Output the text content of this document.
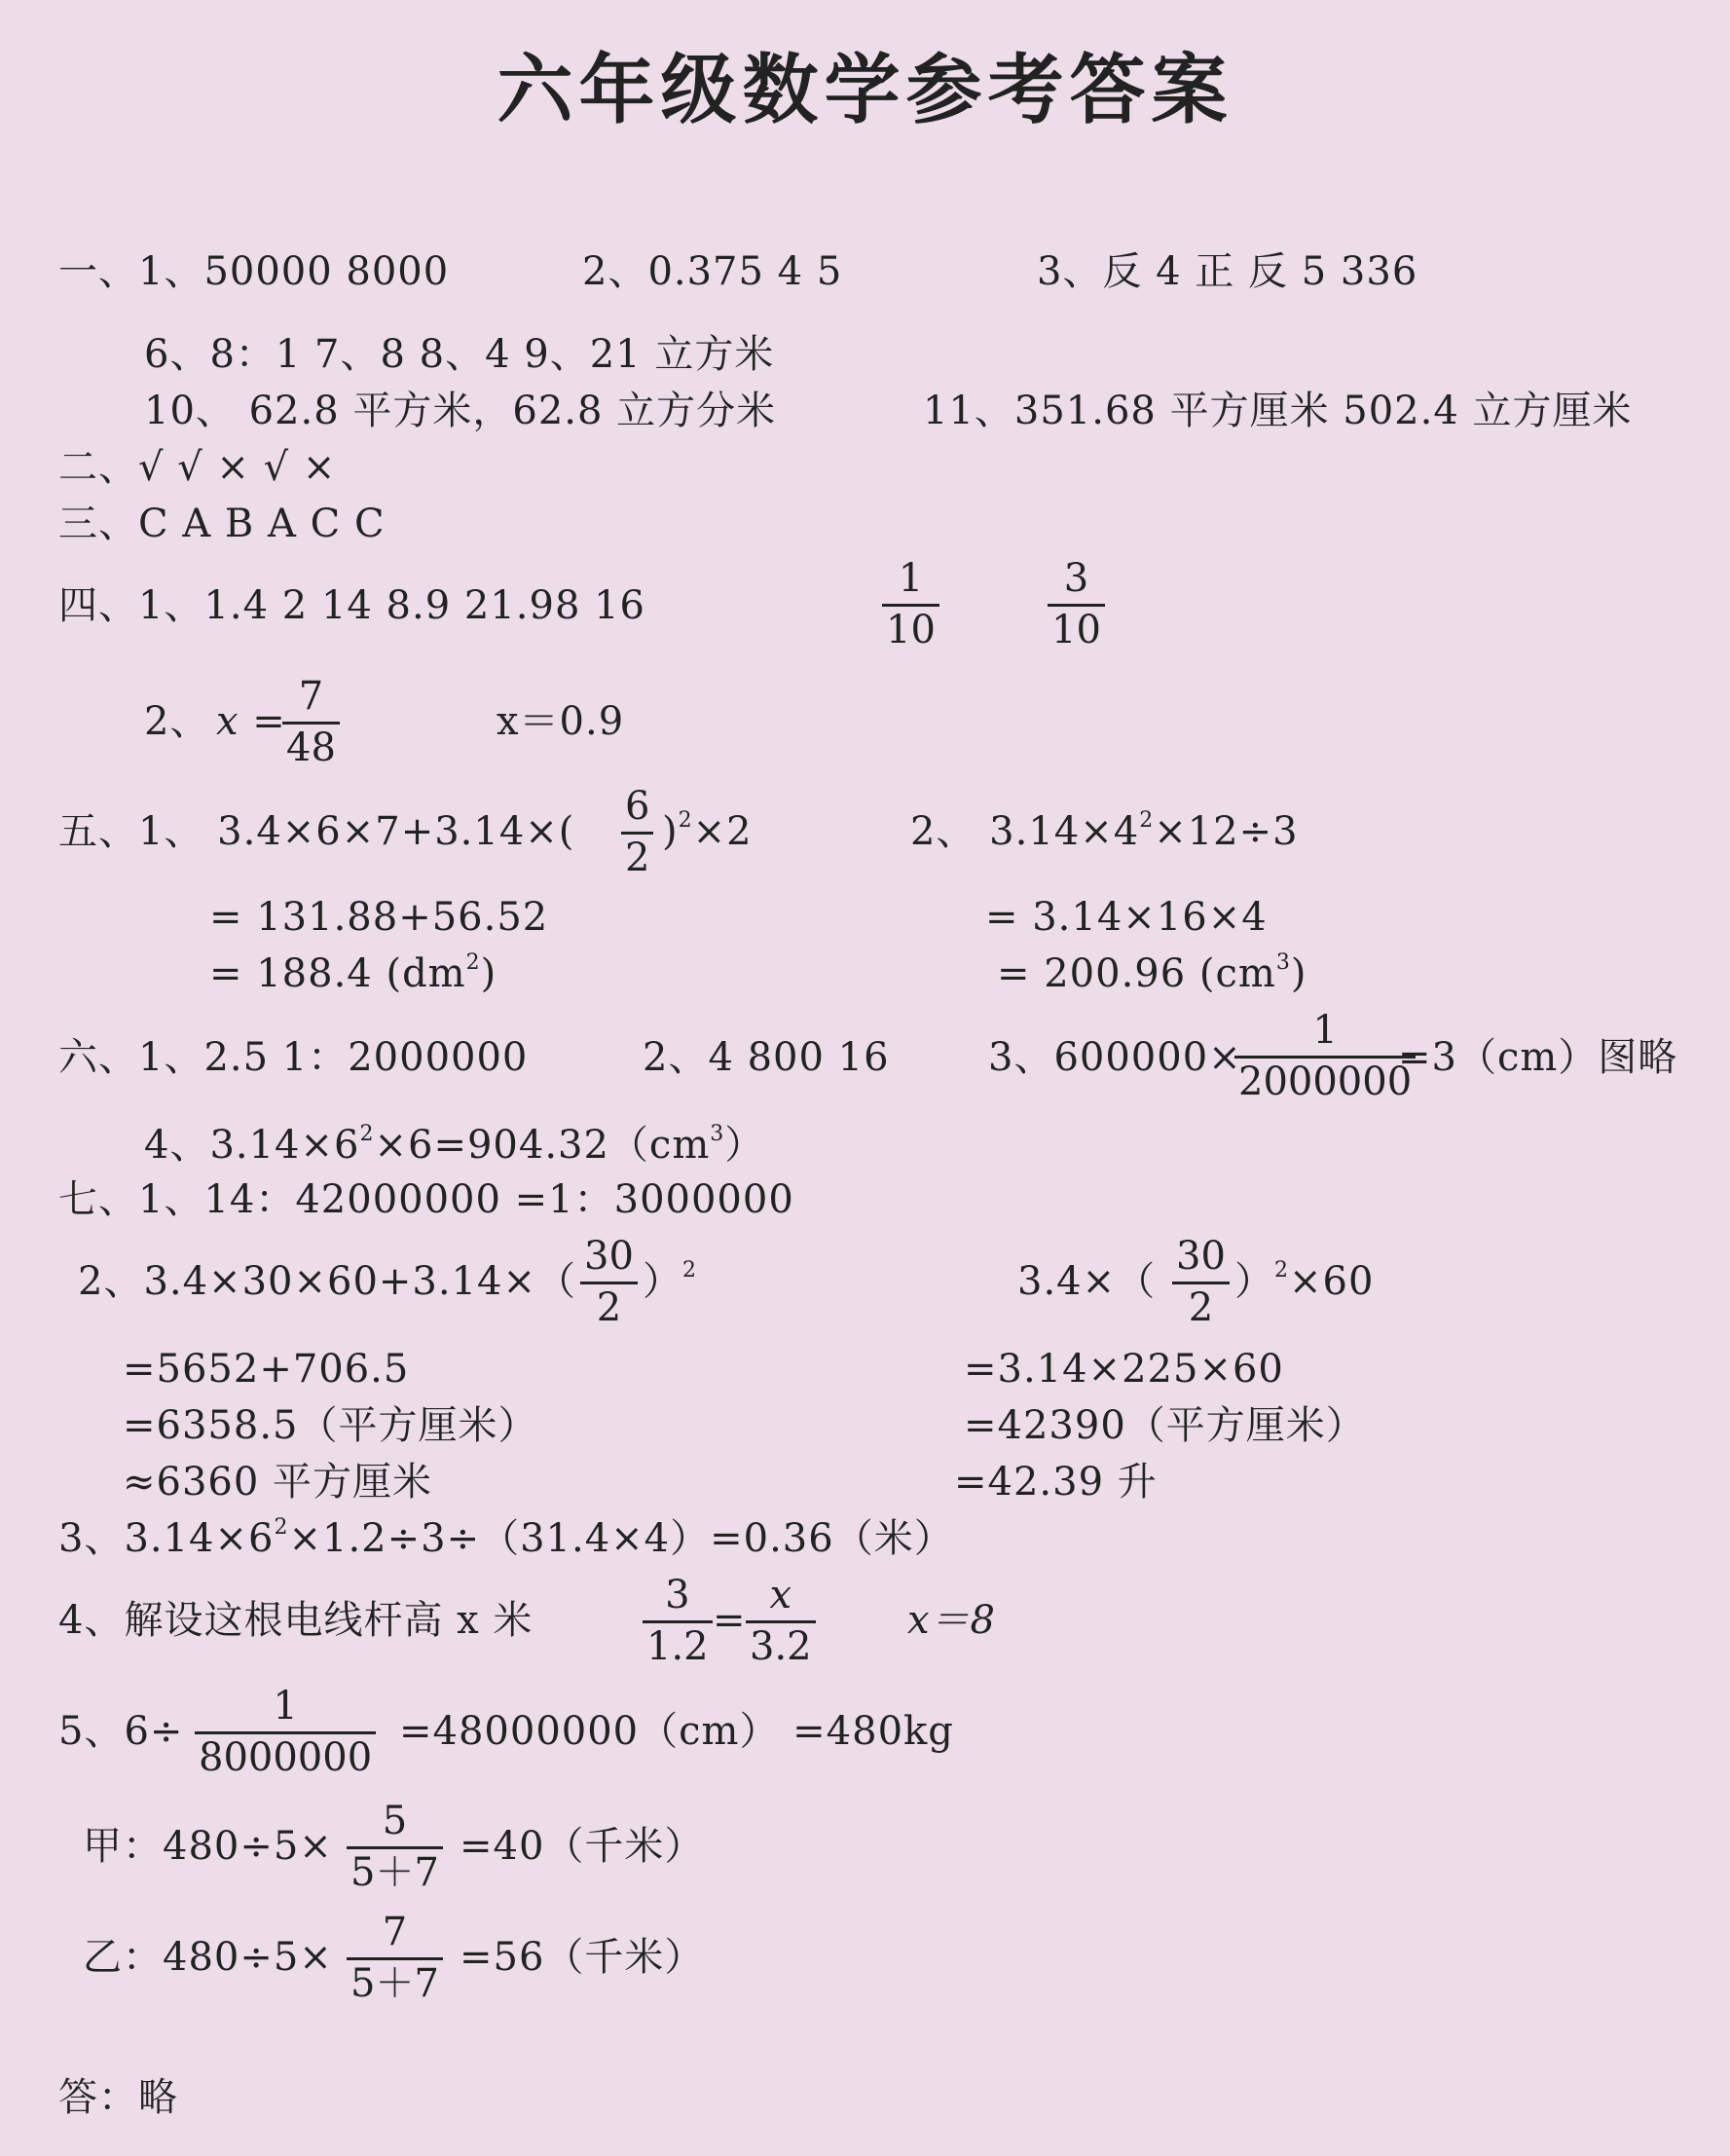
六年级数学参考答案
一、1、50000 8000	2、0.375 4 5	3、反 4 正 反 5 336
6、8：1 7、8 8、4 9、21 立方米
10、 62.8 平方米，62.8 立方分米	11、351.68 平方厘米 502.4 立方厘米
二、√ √ × √ ×
三、C A B A C C
四、1、1.4 2 14 8.9 21.98 16
1
10
3
10
2、 x =
7
48
x＝0.9
五、1、 3.4×6×7+3.14×(
6
2
)$^2$×2	2、 $3.14\times 4^2\times 12\div 3$
= 131.88+56.52
= 188.4 $(dm^2)$
= 3.14×16×4
= 200.96 $(cm^3)$
六、1、2.5 1：2000000	2、4 800 16	3、600000×
1
2000000
=3（cm）图略
4、$3.14\times 6^2\times 6=904.32(cm^3)$
七、1、14：42000000 =1：3000000
2、3.4×30×60+3.14×（
30
2
）$^2$	3.4×（
30
2
）$^2$×60
=5652+706.5
=6358.5（平方厘米）
≈6360 平方厘米
=3.14×225×60
=42390（平方厘米）
=42.39 升
3、$3.14\times 6^2\times 1.2\div 3\div(31.4\times 4)=0.36$（米）
4、解设这根电线杆高 x 米
3
1.2
=
x
3.2
x＝8
5、6÷
1
8000000
=48000000（cm） =480kg
甲：480÷5×
5
5＋7
=40（千米）
乙：480÷5×
7
5＋7
=56（千米）
答：略
